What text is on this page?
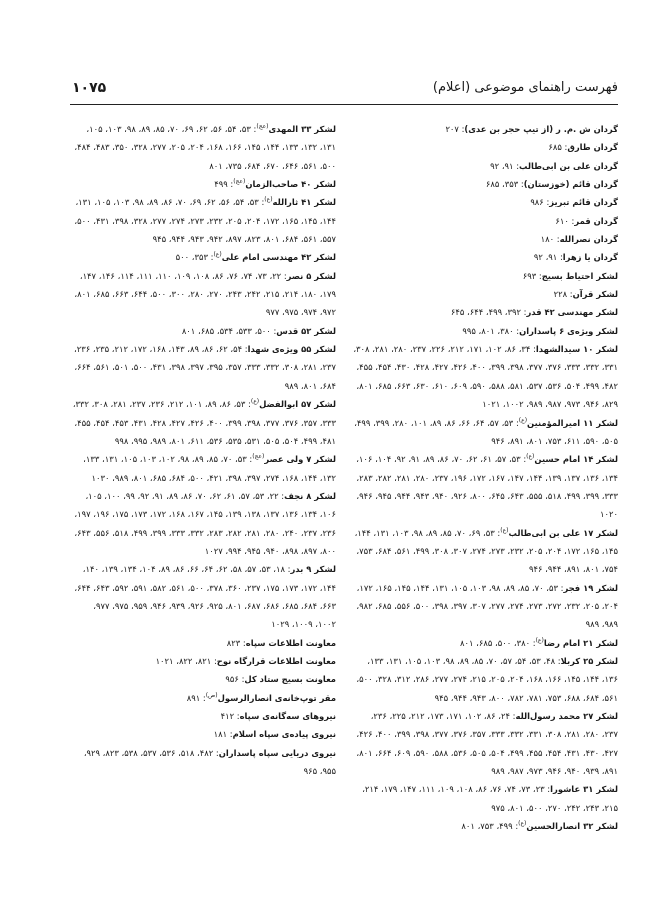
۱۰۷۵	فهرست راهنمای موضوعی (اعلام)

گردان ش .م. ر (از تیپ حجر بن عدی): ۲۰۷

گردان طارق: ۶۸۵

گردان علی بن ابی‌طالب: ۹۱، ۹۲

گردان قائم (خوزستان): ۳۵۳، ۶۸۵

گردان قائم تبریز: ۹۸۶

گردان قمر: ۶۱۰

گردان نصرالله: ۱۸۰

گردان یا زهرا: ۹۱، ۹۲

لشکر احتیاط بسیج: ۶۹۳

لشکر قرآن: ۲۲۸

لشکر مهندسی ۴۲ قدر: ۳۹۲، ۴۹۹، ۶۴۴، ۶۴۵

لشکر ویژه‌ی ۶ پاسداران: ۳۸۰، ۸۰۱، ۹۹۵

لشکر ۱۰ سیدالشهدا: ۳۴، ۸۶، ۱۰۲، ۱۷۱، ۲۱۲، ۲۲۶، ۲۳۷، ۲۸۰، ۲۸۱، ۳۰۸، ۳۳۱، ۳۳۲، ۳۳۳، ۳۷۶، ۳۷۷، ۳۹۸، ۳۹۹، ۴۰۰، ۴۲۶، ۴۲۷، ۴۲۸، ۴۳۰، ۴۵۴، ۴۵۵، ۴۸۲، ۴۹۹، ۵۰۴، ۵۳۶، ۵۳۷، ۵۸۱، ۵۸۸، ۵۹۰، ۶۰۹، ۶۱۰، ۶۳۰، ۶۶۳، ۶۸۵، ۸۰۱، ۸۲۹، ۹۴۶، ۹۷۳، ۹۸۷، ۹۸۹، ۱۰۰۲، ۱۰۲۱

لشکر ۱۱ امیرالمؤمنین$^{(ع)}$: ۵۳، ۵۷، ۶۴، ۶۶، ۸۶، ۸۹، ۱۰۱، ۲۸۰، ۳۹۹، ۴۹۹، ۵۰۵، ۵۹۰، ۶۱۱، ۷۵۳، ۸۰۱، ۸۹۱، ۹۴۶

لشکر ۱۴ امام حسین$^{(ع)}$: ۵۳، ۵۷، ۶۱، ۶۲، ۷۰، ۸۶، ۸۹، ۹۱، ۹۲، ۱۰۴، ۱۰۶، ۱۳۴، ۱۳۶، ۱۳۷، ۱۳۹، ۱۴۴، ۱۴۷، ۱۶۷، ۱۷۲، ۱۹۶، ۲۳۷، ۲۸۰، ۲۸۱، ۲۸۲، ۲۸۳، ۳۳۳، ۳۹۹، ۴۹۹، ۵۱۸، ۵۵۵، ۶۴۳، ۶۴۵، ۸۰۰، ۹۲۶، ۹۴۰، ۹۴۳، ۹۴۴، ۹۴۵، ۹۴۶، ۱۰۲۰

لشکر ۱۷ علی بن ابی‌طالب$^{(ع)}$: ۵۳، ۶۹، ۷۰، ۸۵، ۸۹، ۹۸، ۱۰۳، ۱۳۱، ۱۴۴، ۱۴۵، ۱۶۵، ۱۷۲، ۲۰۴، ۲۰۵، ۲۳۲، ۲۷۳، ۲۷۴، ۳۰۷، ۳۰۸، ۴۹۹، ۵۶۱، ۶۸۴، ۷۵۳، ۷۵۴، ۸۰۱، ۸۹۱، ۹۴۴، ۹۴۶

لشکر ۱۹ فجر: ۵۳، ۷۰، ۸۵، ۸۹، ۹۸، ۱۰۳، ۱۰۵، ۱۳۱، ۱۴۴، ۱۴۵، ۱۶۵، ۱۷۲، ۲۰۴، ۲۰۵، ۲۳۲، ۲۷۲، ۲۷۳، ۲۷۴، ۲۷۷، ۳۰۷، ۳۹۷، ۳۹۸، ۵۰۰، ۵۵۶، ۶۸۵، ۹۸۲، ۹۸۹، ۹۸۹

لشکر ۲۱ امام رضا$^{(ع)}$: ۳۸۰، ۵۰۰، ۶۸۵، ۸۰۱

لشکر ۲۵ کربلا: ۴۸، ۵۳، ۵۴، ۵۷، ۷۰، ۸۵، ۸۹، ۹۸، ۱۰۳، ۱۰۵، ۱۳۱، ۱۳۳، ۱۳۶، ۱۴۴، ۱۴۵، ۱۶۶، ۱۶۸، ۲۰۴، ۲۰۵، ۲۱۵، ۲۷۴، ۲۷۷، ۲۸۶، ۳۱۲، ۳۲۸، ۵۰۰، ۵۶۱، ۶۸۴، ۶۸۸، ۷۵۳، ۷۸۱، ۷۸۲، ۸۰۰، ۹۴۳، ۹۴۴، ۹۴۵

لشکر ۲۷ محمد رسول‌الله: ۲۴، ۸۶، ۱۰۲، ۱۷۱، ۱۷۳، ۲۱۲، ۲۲۵، ۲۳۶، ۲۳۷، ۲۸۰، ۲۸۱، ۳۰۸، ۳۳۱، ۳۳۲، ۳۳۳، ۳۵۷، ۳۷۶، ۳۷۷، ۳۹۸، ۳۹۹، ۴۰۰، ۴۲۶، ۴۲۷، ۴۳۰، ۴۳۱، ۴۵۴، ۴۵۵، ۴۹۹، ۵۰۴، ۵۰۵، ۵۳۶، ۵۸۸، ۵۹۰، ۶۰۹، ۶۶۴، ۸۰۱، ۸۹۱، ۹۳۹، ۹۴۰، ۹۴۶، ۹۷۳، ۹۸۷، ۹۸۹

لشکر ۳۱ عاشورا: ۲۳، ۷۳، ۷۴، ۷۶، ۸۶، ۱۰۸، ۱۰۹، ۱۱۱، ۱۴۷، ۱۷۹، ۲۱۴، ۲۱۵، ۲۴۳، ۲۴۲، ۲۷۰، ۵۰۰، ۸۰۱، ۹۷۵

لشکر ۳۲ انصارالحسین$^{(ع)}$: ۴۹۹، ۷۵۳، ۸۰۱

لشکر ۳۳ المهدی$^{(عج)}$: ۵۳، ۵۴، ۵۶، ۶۲، ۶۹، ۷۰، ۸۵، ۸۹، ۹۸، ۱۰۳، ۱۰۵، ۱۳۱، ۱۳۲، ۱۳۳، ۱۴۴، ۱۴۵، ۱۶۶، ۱۶۸، ۲۰۴، ۲۰۵، ۲۷۷، ۳۲۸، ۳۵۰، ۴۸۳، ۴۸۴، ۵۰۰، ۵۶۱، ۶۴۶، ۶۷۰، ۶۸۴، ۷۳۵، ۸۰۱

لشکر ۴۰ صاحب‌الزمان$^{(عج)}$: ۴۹۹

لشکر ۴۱ ثارالله$^{(ع)}$: ۵۳، ۵۴، ۵۶، ۶۲، ۶۹، ۷۰، ۸۶، ۸۹، ۹۸، ۱۰۳، ۱۰۵، ۱۳۱، ۱۴۴، ۱۴۵، ۱۶۵، ۱۷۲، ۲۰۴، ۲۰۵، ۲۳۲، ۲۷۳، ۲۷۴، ۲۷۷، ۳۲۸، ۳۹۸، ۴۳۱، ۵۰۰، ۵۵۷، ۵۶۱، ۶۸۴، ۸۰۱، ۸۲۳، ۸۹۷، ۹۴۲، ۹۴۳، ۹۴۴، ۹۴۵

لشکر ۴۲ مهندسی امام علی$^{(ع)}$: ۳۵۳، ۵۰۰

لشکر ۵ نصر: ۲۲، ۷۳، ۷۴، ۷۶، ۸۶، ۱۰۸، ۱۰۹، ۱۱۰، ۱۱۱، ۱۱۴، ۱۴۶، ۱۴۷، ۱۷۹، ۱۸۰، ۲۱۴، ۲۱۵، ۲۴۲، ۲۴۳، ۲۷۰، ۲۸۰، ۳۰۰، ۵۰۰، ۶۴۴، ۶۶۳، ۶۸۵، ۸۰۱، ۹۷۲، ۹۷۴، ۹۷۵، ۹۷۷

لشکر ۵۲ قدس: ۵۰۰، ۵۳۳، ۵۳۴، ۶۸۵، ۸۰۱

لشکر ۵۵ ویژه‌ی شهدا: ۵۴، ۶۲، ۸۶، ۸۹، ۱۴۳، ۱۶۸، ۱۷۲، ۲۱۲، ۲۳۵، ۲۳۶، ۲۳۷، ۲۸۱، ۳۰۸، ۳۳۲، ۳۳۳، ۳۵۷، ۳۹۵، ۳۹۷، ۳۹۸، ۴۳۱، ۵۰۰، ۵۰۱، ۵۶۱، ۶۶۴، ۶۸۴، ۸۰۱، ۹۸۹

لشکر ۵۷ ابوالفضل$^{(ع)}$: ۵۳، ۸۶، ۸۹، ۱۰۱، ۲۱۲، ۲۳۶، ۲۳۷، ۲۸۱، ۳۰۸، ۳۳۲، ۳۳۳، ۳۵۷، ۳۷۶، ۳۷۷، ۳۹۸، ۳۹۹، ۴۰۰، ۴۲۶، ۴۲۷، ۴۲۸، ۴۳۱، ۴۵۳، ۴۵۴، ۴۵۵، ۴۸۱، ۴۹۹، ۵۰۴، ۵۰۵، ۵۳۱، ۵۳۵، ۵۳۶، ۶۱۱، ۸۰۱، ۹۸۹، ۹۹۵، ۹۹۸

لشکر ۷ ولی عصر$^{(عج)}$: ۵۳، ۷۰، ۸۵، ۸۹، ۹۸، ۱۰۲، ۱۰۳، ۱۰۵، ۱۳۱، ۱۳۳، ۱۳۲، ۱۴۴، ۱۶۸، ۲۷۴، ۳۹۷، ۳۹۸، ۴۲۱، ۵۰۰، ۶۸۴، ۶۸۵، ۸۰۱، ۹۸۹، ۱۰۳۰

لشکر ۸ نجف: ۲۲، ۵۳، ۵۷، ۶۱، ۶۲، ۷۰، ۸۶، ۸۹، ۹۱، ۹۲، ۹۹، ۱۰۰، ۱۰۵، ۱۰۶، ۱۳۴، ۱۳۶، ۱۳۷، ۱۳۸، ۱۳۹، ۱۴۵، ۱۶۷، ۱۶۸، ۱۷۲، ۱۷۳، ۱۷۵، ۱۹۶، ۱۹۷، ۲۳۶، ۲۳۷، ۲۴۰، ۲۸۰، ۲۸۱، ۲۸۲، ۲۸۳، ۳۳۲، ۳۳۳، ۳۹۹، ۴۹۹، ۵۱۸، ۵۵۶، ۶۴۳، ۸۰۰، ۸۹۷، ۸۹۸، ۹۴۰، ۹۴۵، ۹۹۴، ۱۰۲۷

لشکر ۹ بدر: ۱۸، ۵۳، ۵۷، ۵۸، ۶۲، ۶۴، ۶۶، ۸۶، ۸۹، ۱۰۴، ۱۳۴، ۱۳۹، ۱۴۰، ۱۴۴، ۱۷۲، ۱۷۳، ۱۷۵، ۲۳۷، ۳۶۰، ۳۷۸، ۵۰۰، ۵۶۱، ۵۸۲، ۵۹۱، ۵۹۲، ۶۴۳، ۶۴۴، ۶۶۳، ۶۸۴، ۶۸۵، ۶۸۶، ۶۸۷، ۸۰۱، ۹۲۵، ۹۲۶، ۹۳۹، ۹۴۶، ۹۵۹، ۹۷۵، ۹۷۷، ۱۰۰۲، ۱۰۰۹، ۱۰۲۹

معاونت اطلاعات سپاه: ۸۲۳

معاونت اطلاعات قرارگاه نوح: ۸۲۱، ۸۲۲، ۱۰۲۱

معاونت بسیج ستاد کل: ۹۵۶

مقر توپ‌خانه‌ی انصارالرسول$^{(ص)}$: ۸۹۱

نیروهای سه‌گانه‌ی سپاه: ۴۱۲

نیروی پیاده‌ی سپاه اسلام: ۱۸۱

نیروی دریایی سپاه پاسداران: ۴۸۲، ۵۱۸، ۵۳۶، ۵۳۷، ۵۳۸، ۸۲۳، ۹۲۹، ۹۵۵، ۹۶۵
